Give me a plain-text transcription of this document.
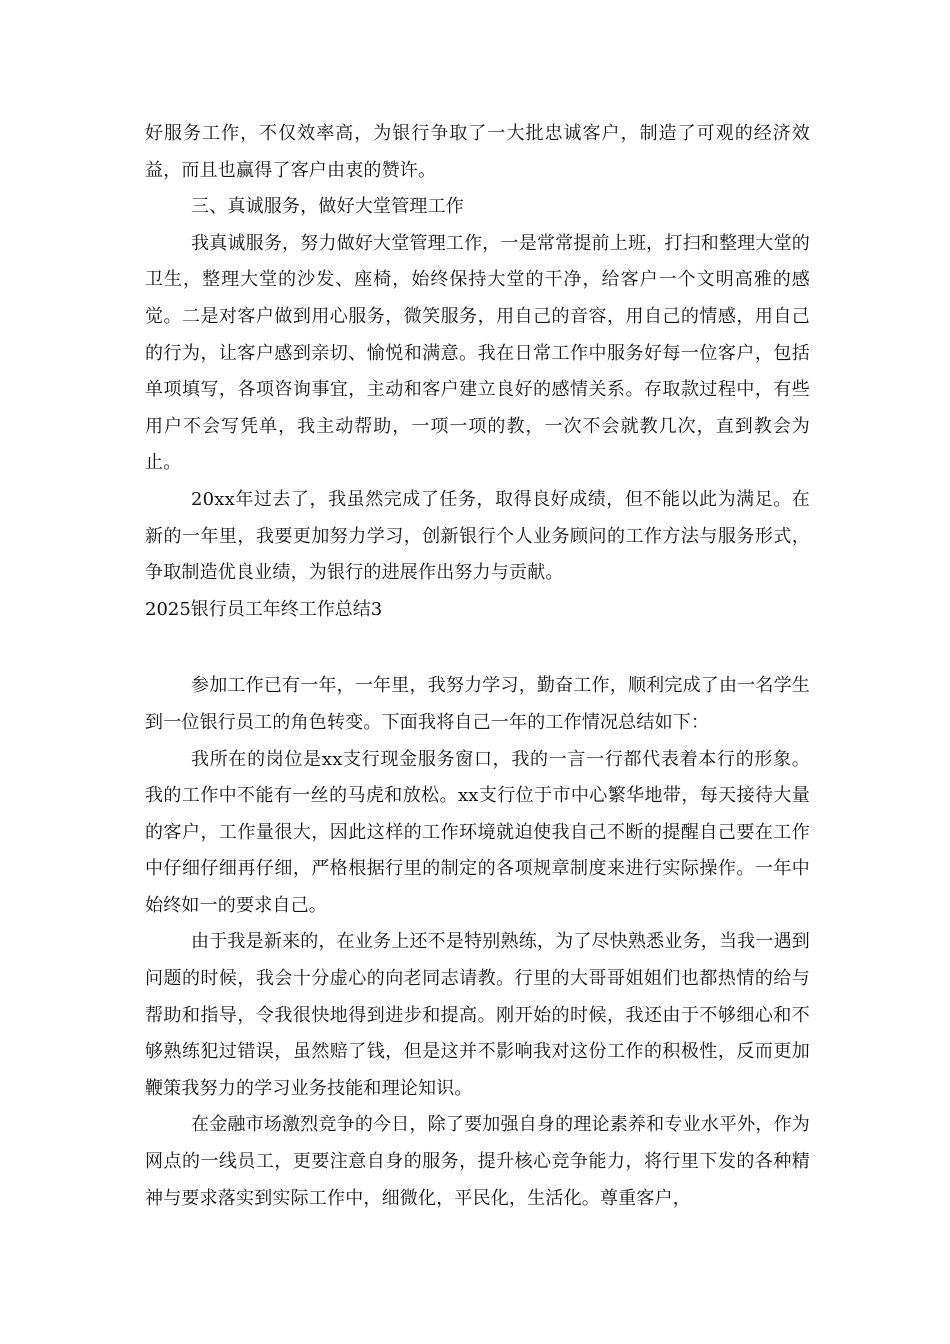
好服务工作，不仅效率高，为银行争取了一大批忠诚客户，制造了可观的经济效益，而且也赢得了客户由衷的赞许。

三、真诚服务，做好大堂管理工作

我真诚服务，努力做好大堂管理工作，一是常常提前上班，打扫和整理大堂的卫生，整理大堂的沙发、座椅，始终保持大堂的干净，给客户一个文明高雅的感觉。二是对客户做到用心服务，微笑服务，用自己的音容，用自己的情感，用自己的行为，让客户感到亲切、愉悦和满意。我在日常工作中服务好每一位客户，包括单项填写，各项咨询事宜，主动和客户建立良好的感情关系。存取款过程中，有些用户不会写凭单，我主动帮助，一项一项的教，一次不会就教几次，直到教会为止。

20xx年过去了，我虽然完成了任务，取得良好成绩，但不能以此为满足。在新的一年里，我要更加努力学习，创新银行个人业务顾问的工作方法与服务形式，争取制造优良业绩，为银行的进展作出努力与贡献。

2025银行员工年终工作总结3

参加工作已有一年，一年里，我努力学习，勤奋工作，顺利完成了由一名学生到一位银行员工的角色转变。下面我将自己一年的工作情况总结如下：

我所在的岗位是xx支行现金服务窗口，我的一言一行都代表着本行的形象。我的工作中不能有一丝的马虎和放松。xx支行位于市中心繁华地带，每天接待大量的客户，工作量很大，因此这样的工作环境就迫使我自己不断的提醒自己要在工作中仔细仔细再仔细，严格根据行里的制定的各项规章制度来进行实际操作。一年中始终如一的要求自己。

由于我是新来的，在业务上还不是特别熟练，为了尽快熟悉业务，当我一遇到问题的时候，我会十分虚心的向老同志请教。行里的大哥哥姐姐们也都热情的给与帮助和指导，令我很快地得到进步和提高。刚开始的时候，我还由于不够细心和不够熟练犯过错误，虽然赔了钱，但是这并不影响我对这份工作的积极性，反而更加鞭策我努力的学习业务技能和理论知识。

在金融市场激烈竞争的今日，除了要加强自身的理论素养和专业水平外，作为网点的一线员工，更要注意自身的服务，提升核心竞争能力，将行里下发的各种精神与要求落实到实际工作中，细微化，平民化，生活化。尊重客户，
